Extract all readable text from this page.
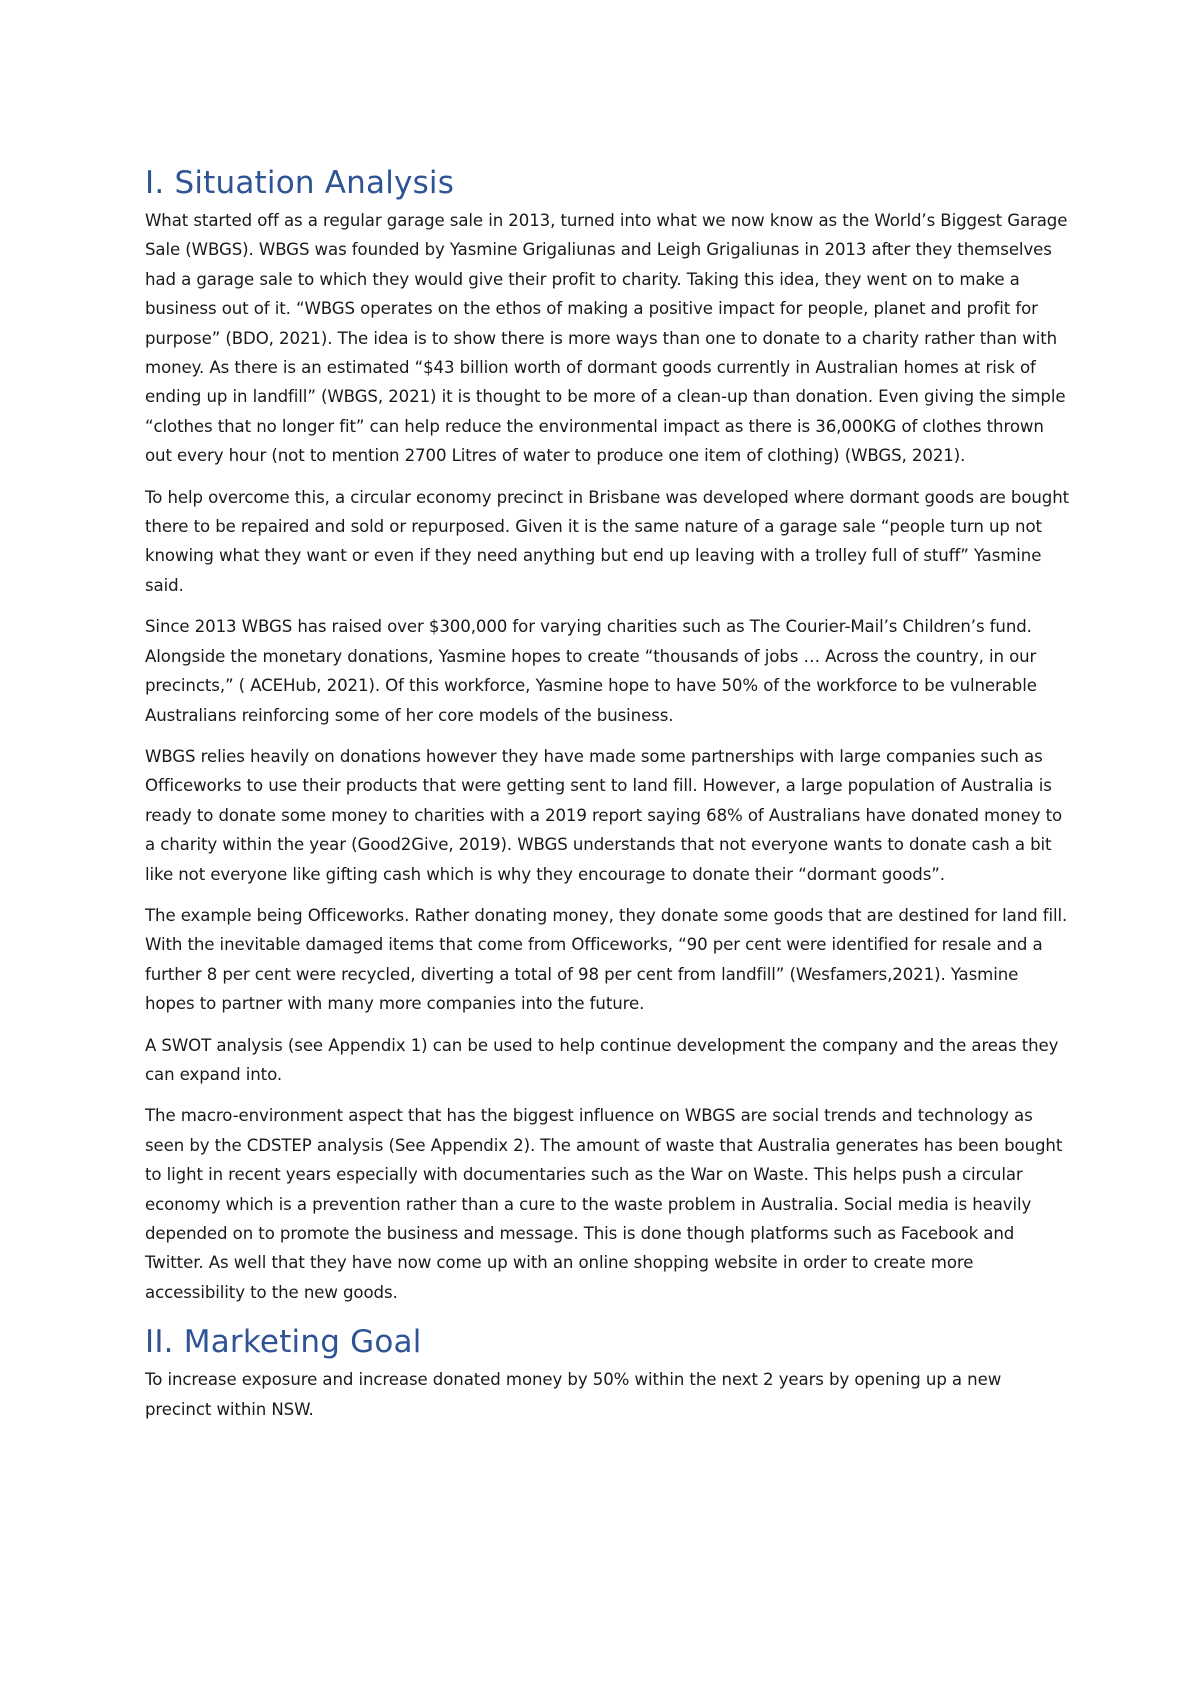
I. Situation Analysis

What started off as a regular garage sale in 2013, turned into what we now know as the World’s Biggest Garage Sale (WBGS). WBGS was founded by Yasmine Grigaliunas and Leigh Grigaliunas in 2013 after they themselves had a garage sale to which they would give their profit to charity. Taking this idea, they went on to make a business out of it. “WBGS operates on the ethos of making a positive impact for people, planet and profit for purpose” (BDO, 2021). The idea is to show there is more ways than one to donate to a charity rather than with money. As there is an estimated “$43 billion worth of dormant goods currently in Australian homes at risk of ending up in landfill” (WBGS, 2021) it is thought to be more of a clean-up than donation. Even giving the simple “clothes that no longer fit” can help reduce the environmental impact as there is 36,000KG of clothes thrown out every hour (not to mention 2700 Litres of water to produce one item of clothing) (WBGS, 2021).

To help overcome this, a circular economy precinct in Brisbane was developed where dormant goods are bought there to be repaired and sold or repurposed. Given it is the same nature of a garage sale “people turn up not knowing what they want or even if they need anything but end up leaving with a trolley full of stuff” Yasmine said.

Since 2013 WBGS has raised over $300,000 for varying charities such as The Courier-Mail’s Children’s fund. Alongside the monetary donations, Yasmine hopes to create “thousands of jobs … Across the country, in our precincts,” ( ACEHub, 2021). Of this workforce, Yasmine hope to have 50% of the workforce to be vulnerable Australians reinforcing some of her core models of the business.

WBGS relies heavily on donations however they have made some partnerships with large companies such as Officeworks to use their products that were getting sent to land fill. However, a large population of Australia is ready to donate some money to charities with a 2019 report saying 68% of Australians have donated money to a charity within the year (Good2Give, 2019). WBGS understands that not everyone wants to donate cash a bit like not everyone like gifting cash which is why they encourage to donate their “dormant goods”.

The example being Officeworks. Rather donating money, they donate some goods that are destined for land fill. With the inevitable damaged items that come from Officeworks, “90 per cent were identified for resale and a further 8 per cent were recycled, diverting a total of 98 per cent from landfill” (Wesfamers,2021). Yasmine hopes to partner with many more companies into the future.

A SWOT analysis (see Appendix 1) can be used to help continue development the company and the areas they can expand into.

The macro-environment aspect that has the biggest influence on WBGS are social trends and technology as seen by the CDSTEP analysis (See Appendix 2). The amount of waste that Australia generates has been bought to light in recent years especially with documentaries such as the War on Waste. This helps push a circular economy which is a prevention rather than a cure to the waste problem in Australia. Social media is heavily depended on to promote the business and message. This is done though platforms such as Facebook and Twitter. As well that they have now come up with an online shopping website in order to create more accessibility to the new goods.

II. Marketing Goal

To increase exposure and increase donated money by 50% within the next 2 years by opening up a new precinct within NSW.
